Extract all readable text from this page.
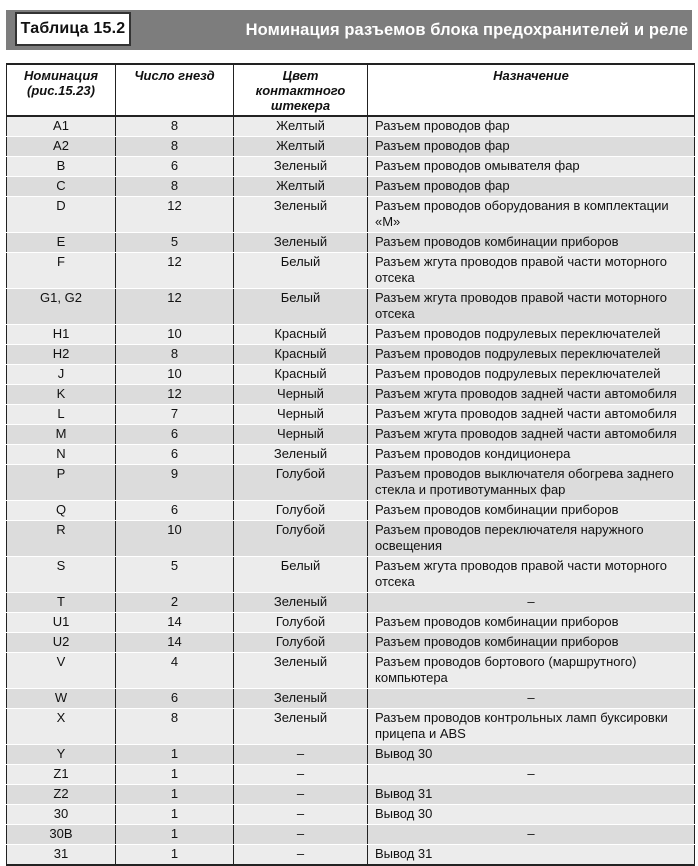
Таблица 15.2	Номинация разъемов блока предохранителей и реле
Номинация (рис.15.23)	Число гнезд	Цвет контактного штекера	Назначение
A1	8	Желтый	Разъем проводов фар
A2	8	Желтый	Разъем проводов фар
B	6	Зеленый	Разъем проводов омывателя фар
C	8	Желтый	Разъем проводов фар
D	12	Зеленый	Разъем проводов оборудования в комплектации «М»
E	5	Зеленый	Разъем проводов комбинации приборов
F	12	Белый	Разъем жгута проводов правой части моторного отсека
G1, G2	12	Белый	Разъем жгута проводов правой части моторного отсека
H1	10	Красный	Разъем проводов подрулевых переключателей
H2	8	Красный	Разъем проводов подрулевых переключателей
J	10	Красный	Разъем проводов подрулевых переключателей
K	12	Черный	Разъем жгута проводов задней части автомобиля
L	7	Черный	Разъем жгута проводов задней части автомобиля
M	6	Черный	Разъем жгута проводов задней части автомобиля
N	6	Зеленый	Разъем проводов кондиционера
P	9	Голубой	Разъем проводов выключателя обогрева заднего стекла и противотуманных фар
Q	6	Голубой	Разъем проводов комбинации приборов
R	10	Голубой	Разъем проводов переключателя наружного освещения
S	5	Белый	Разъем жгута проводов правой части моторного отсека
T	2	Зеленый	–
U1	14	Голубой	Разъем проводов комбинации приборов
U2	14	Голубой	Разъем проводов комбинации приборов
V	4	Зеленый	Разъем проводов бортового (маршрутного) компьютера
W	6	Зеленый	–
X	8	Зеленый	Разъем проводов контрольных ламп буксировки прицепа и ABS
Y	1	–	Вывод 30
Z1	1	–	–
Z2	1	–	Вывод 31
30	1	–	Вывод 30
30B	1	–	–
31	1	–	Вывод 31
